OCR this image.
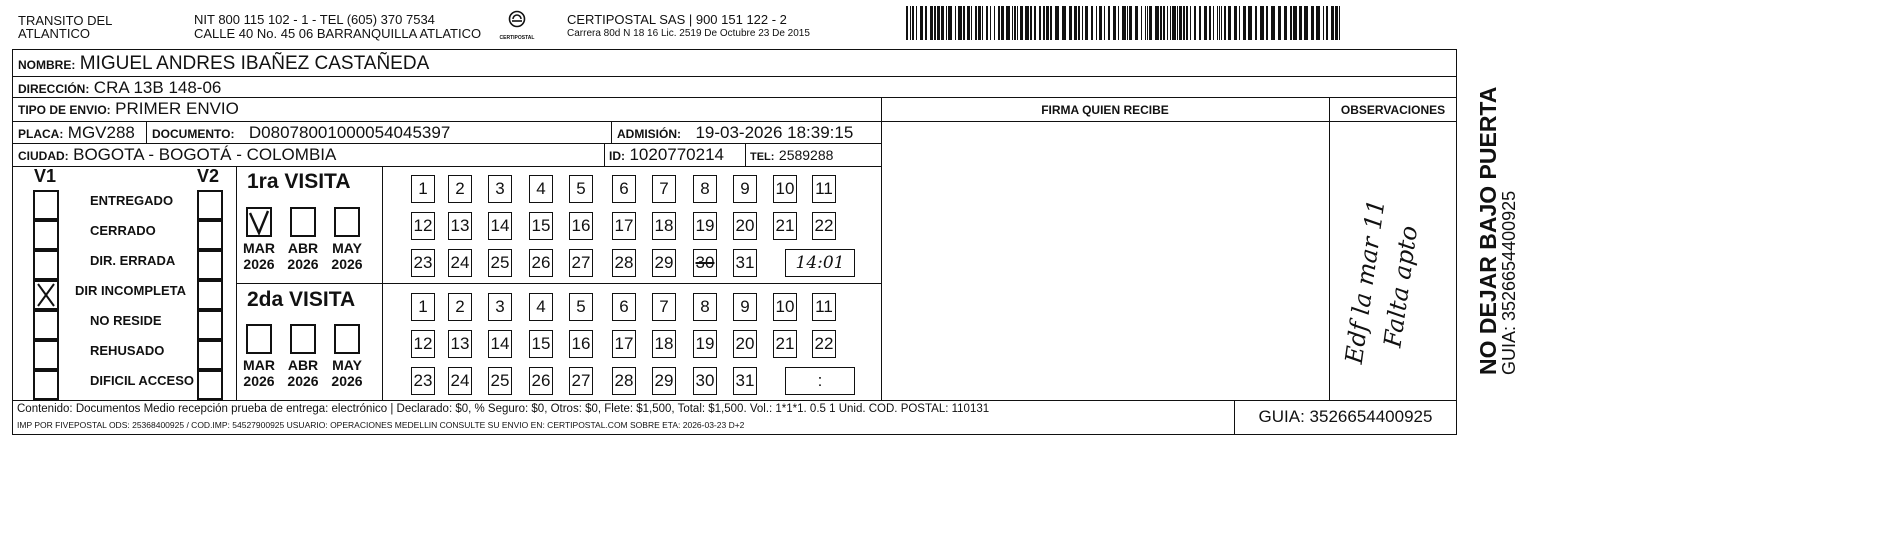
TRANSITO DEL
ATLANTICO
NIT 800 115 102 - 1 - TEL (605) 370 7534
CALLE 40 No. 45 06 BARRANQUILLA ATLATICO	CERTIPOSTAL
CERTIPOSTAL SAS | 900 151 122 - 2
Carrera 80d N 18 16 Lic. 2519 De Octubre 23 De 2015
NOMBRE: MIGUEL ANDRES IBAÑEZ CASTAÑEDA
DIRECCIÓN: CRA 13B 148-06
TIPO DE ENVIO: PRIMER ENVIO	FIRMA QUIEN RECIBE	OBSERVACIONES
PLACA: MGV288 DOCUMENTO: D08078001000054045397	ADMISIÓN: 19-03-2026 18:39:15
CIUDAD: BOGOTA - BOGOTÁ - COLOMBIA	ID: 1020770214 TEL: 2589288
V1	V2
ENTREGADO
CERRADO
DIR. ERRADA
DIR INCOMPLETA
NO RESIDE
REHUSADO
DIFICIL ACCESO
1ra VISITA
2da VISITA
MAR
2026
ABR
2026
MAY
2026
MAR
2026
ABR
2026
MAY
2026
1	2	3	4	5	6	7	8	9	10 11
12 13 14 15 16 17 18 19 20 21 22
23 24 25 26 27 28 29 30 31	14:01
1	2	3	4	5	6	7	8	9	10 11
12 13 14 15 16 17 18 19 20 21 22
23 24 25 26 27 28 29 30 31	:
Edf la mar 11 Falta apto
Contenido: Documentos Medio recepción prueba de entrega: electrónico | Declarado: $0, % Seguro: $0, Otros: $0, Flete: $1,500, Total: $1,500. Vol.: 1*1*1. 0.5 1 Unid. COD. POSTAL: 110131
IMP POR FIVEPOSTAL ODS: 25368400925 / COD.IMP: 54527900925 USUARIO: OPERACIONES MEDELLIN CONSULTE SU ENVIO EN: CERTIPOSTAL.COM SOBRE ETA: 2026-03-23 D+2	GUIA: 3526654400925
NO DEJAR BAJO PUERTA
GUIA: 3526654400925
